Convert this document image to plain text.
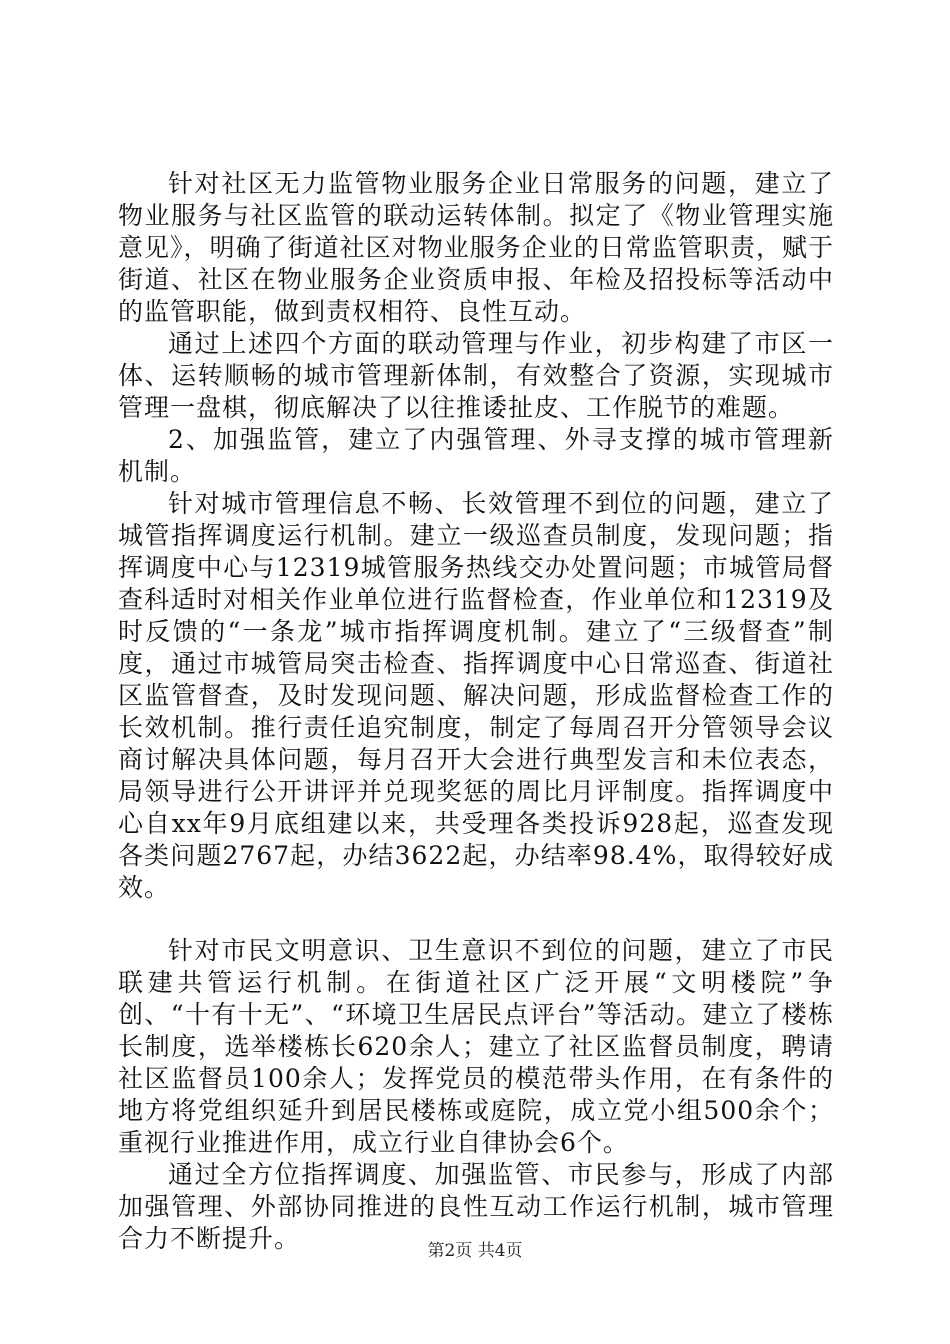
针对社区无力监管物业服务企业日常服务的问题，建立了物业服务与社区监管的联动运转体制。拟定了《物业管理实施意见》，明确了街道社区对物业服务企业的日常监管职责，赋于街道、社区在物业服务企业资质申报、年检及招投标等活动中的监管职能，做到责权相符、良性互动。

通过上述四个方面的联动管理与作业，初步构建了市区一体、运转顺畅的城市管理新体制，有效整合了资源，实现城市管理一盘棋，彻底解决了以往推诿扯皮、工作脱节的难题。

2、加强监管，建立了内强管理、外寻支撑的城市管理新机制。

针对城市管理信息不畅、长效管理不到位的问题，建立了城管指挥调度运行机制。建立一级巡查员制度，发现问题；指挥调度中心与12319城管服务热线交办处置问题；市城管局督查科适时对相关作业单位进行监督检查，作业单位和12319及时反馈的“一条龙”城市指挥调度机制。建立了“三级督查”制度，通过市城管局突击检查、指挥调度中心日常巡查、街道社区监管督查，及时发现问题、解决问题，形成监督检查工作的长效机制。推行责任追究制度，制定了每周召开分管领导会议商讨解决具体问题，每月召开大会进行典型发言和未位表态，局领导进行公开讲评并兑现奖惩的周比月评制度。指挥调度中心自xx年9月底组建以来，共受理各类投诉928起，巡查发现各类问题2767起，办结3622起，办结率98.4%，取得较好成效。

针对市民文明意识、卫生意识不到位的问题，建立了市民联建共管运行机制。在街道社区广泛开展“文明楼院”争创、“十有十无”、“环境卫生居民点评台”等活动。建立了楼栋长制度，选举楼栋长620余人；建立了社区监督员制度，聘请社区监督员100余人；发挥党员的模范带头作用，在有条件的地方将党组织延升到居民楼栋或庭院，成立党小组500余个；重视行业推进作用，成立行业自律协会6个。

通过全方位指挥调度、加强监管、市民参与，形成了内部加强管理、外部协同推进的良性互动工作运行机制，城市管理合力不断提升。	第2页 共4页
